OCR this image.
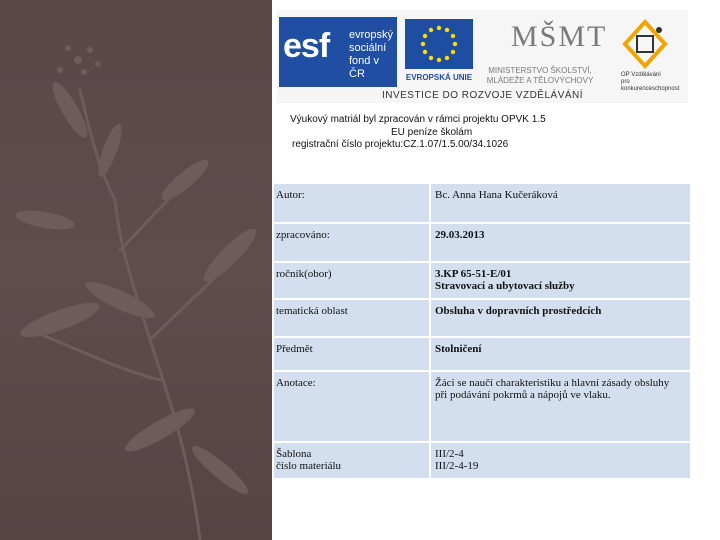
esf evropský
sociální
fond v ČR	EVROPSKÁ UNIE
MŠMT
MINISTERSTVO ŠKOLSTVÍ,
MLÁDEŽE A TĚLOVÝCHOVY
OP Vzdělávání
pro konkurenceschopnost
INVESTICE DO ROZVOJE VZDĚLÁVÁNÍ
Výukový matriál byl zpracován v rámci projektu OPVK 1.5
EU peníze školám
registrační číslo projektu:CZ.1.07/1.5.00/34.1026
Autor:	Bc. Anna Hana Kučeráková

zpracováno:	29.03.2013

ročník(obor)	3.KP 65-51-E/01
Stravovací a ubytovací služby

tematická oblast	Obsluha v dopravních prostředcích

Předmět	Stolničení

Anotace:	Žáci se naučí charakteristiku a hlavní zásady obsluhy
při podávání pokrmů a nápojů ve vlaku.

Šablona
číslo materiálu	III/2-4
III/2-4-19
